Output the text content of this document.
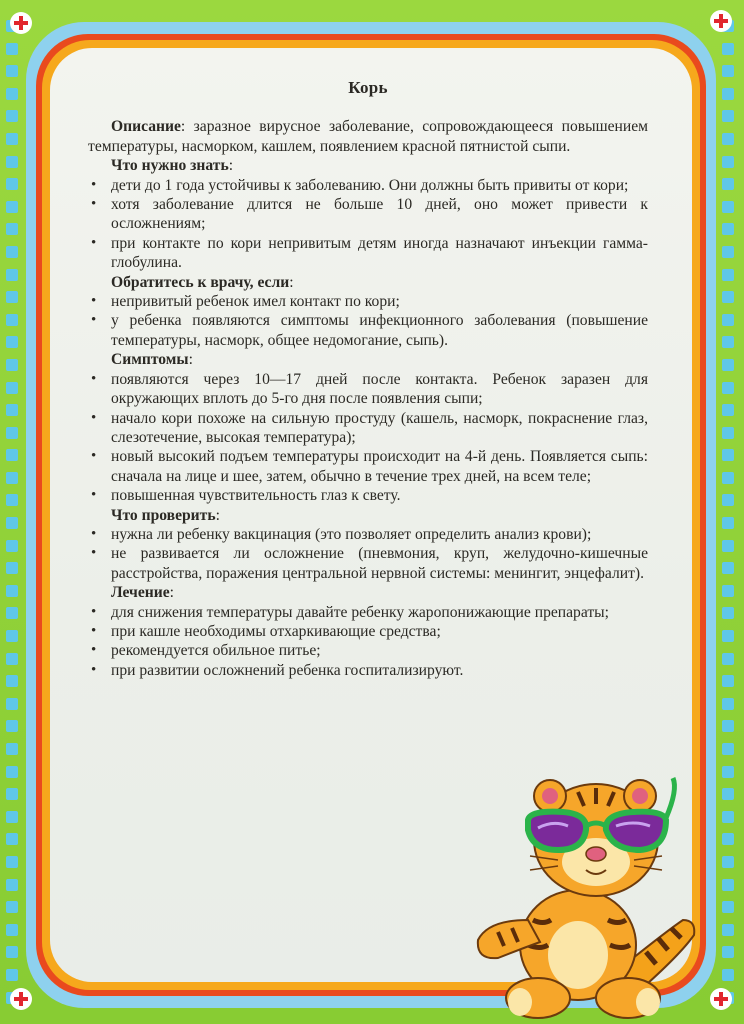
Корь

Описание: заразное вирусное заболевание, сопровождающееся повышением температуры, насморком, кашлем, появлением красной пятнистой сыпи.

Что нужно знать:

• дети до 1 года устойчивы к заболеванию. Они должны быть привиты от кори;

• хотя заболевание длится не больше 10 дней, оно может привести к осложнениям;

• при контакте по кори непривитым детям иногда назначают инъекции гамма-глобулина.

Обратитесь к врачу, если:

• непривитый ребенок имел контакт по кори;

• у ребенка появляются симптомы инфекционного заболевания (повышение температуры, насморк, общее недомогание, сыпь).

Симптомы:

• появляются через 10—17 дней после контакта. Ребенок заразен для окружающих вплоть до 5-го дня после появления сыпи;

• начало кори похоже на сильную простуду (кашель, насморк, покраснение глаз, слезотечение, высокая температура);

• новый высокий подъем температуры происходит на 4-й день. Появляется сыпь: сначала на лице и шее, затем, обычно в течение трех дней, на всем теле;

• повышенная чувствительность глаз к свету.

Что проверить:

• нужна ли ребенку вакцинация (это позволяет определить анализ крови);

• не развивается ли осложнение (пневмония, круп, желудочно-кишечные расстройства, поражения центральной нервной системы: менингит, энцефалит).

Лечение:

• для снижения температуры давайте ребенку жаропонижающие препараты;

• при кашле необходимы отхаркивающие средства;

• рекомендуется обильное питье;

• при развитии осложнений ребенка госпитализируют.
